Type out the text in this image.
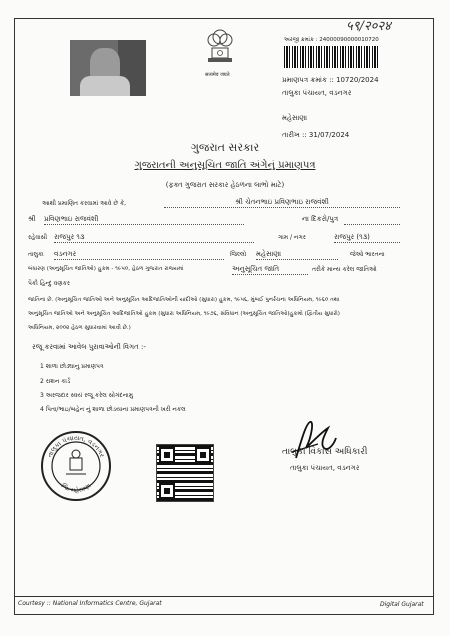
५९/२०२४
सत्यमेव जयते
અરજી ક્રમાંક : 24000090000010720
પ્રમાણપત્ર ક્રમાંક :: 10720/2024
તાલુકા પંચાયત, વડનગર
મહેસાણા
તારીખ :: 31/07/2024
ગુજરાત સરકાર
ગુજરાતની અનુસૂચિત જાતિ અંગેનું પ્રમાણપત્ર
(ફક્ત ગુજરાત સરકાર હેઠળના લાભો માટે)
આથી પ્રમાણિત કરવામાં આવે છે કે,	શ્રી ચેતનભાઇ પ્રવિણભાઇ રાજવંશી
શ્રી પ્રવિણભાઇ રાજવંશી	ના દિકરો/પુત્ર
રહેવાસી રાજપુર ૧૩	ગામ / નગર	રાજપુર (૧૩)
તાલુકા વડનગર	જિલ્લો મહેસાણા	જેઓ ભારતના
બંધારણ (અનુસૂચિત જાતિઓ) હુકમ - ૧૯૫૦, હેઠળ ગુજરાત રાજ્યમાં	અનુસૂચિત જાતિ	તરીકે માન્ય કરેલ જાતિઓ
પૈકી હિન્દુ વણકર
જાતિના છે. (અનુસૂચિત જાતિઓ અને અનુસૂચિત આદિજાતિઓની યાદીઓ (સુધારા) હુકમ, ૧૯૫૬, મુંબઈ પુનર્રચના અધિનિયમ, ૧૯૬૦ તથા
અનુસૂચિત જાતિઓ અને અનુસૂચિત આદિજાતિઓ હુકમ (સુધારા અધિનિયમ, ૧૯૭૬, સંવિધાન (અનુસૂચિત જાતિઓ)હુકમો (દ્વિતીય સુધારો)
અધિનિયમ, ૨૦૦૨ હેઠળ સુધારવામાં આવી છે.)
રજૂ કરવામાં આવેલ પુરાવાઓની વિગત :-
1 શાળા છોડ્યાનુ પ્રમાણપત્ર
2 રાશન કાર્ડ
3 અરજદાર સ્વયં રજૂ કરેલ સોગંદનામુ
4 પિતા/ભાઇ/બહેન નું શાળા છોડયાના પ્રમાણપત્રની ખરી નકલ
તાલુકા પંચાયત, વડનગર
જિ. મહેસાણા
તાલુકા વિકાસ અધિકારી
તાલુકા પંચાયત, વડનગર
Courtesy :: National Informatics Centre, Gujarat	Digital Gujarat
